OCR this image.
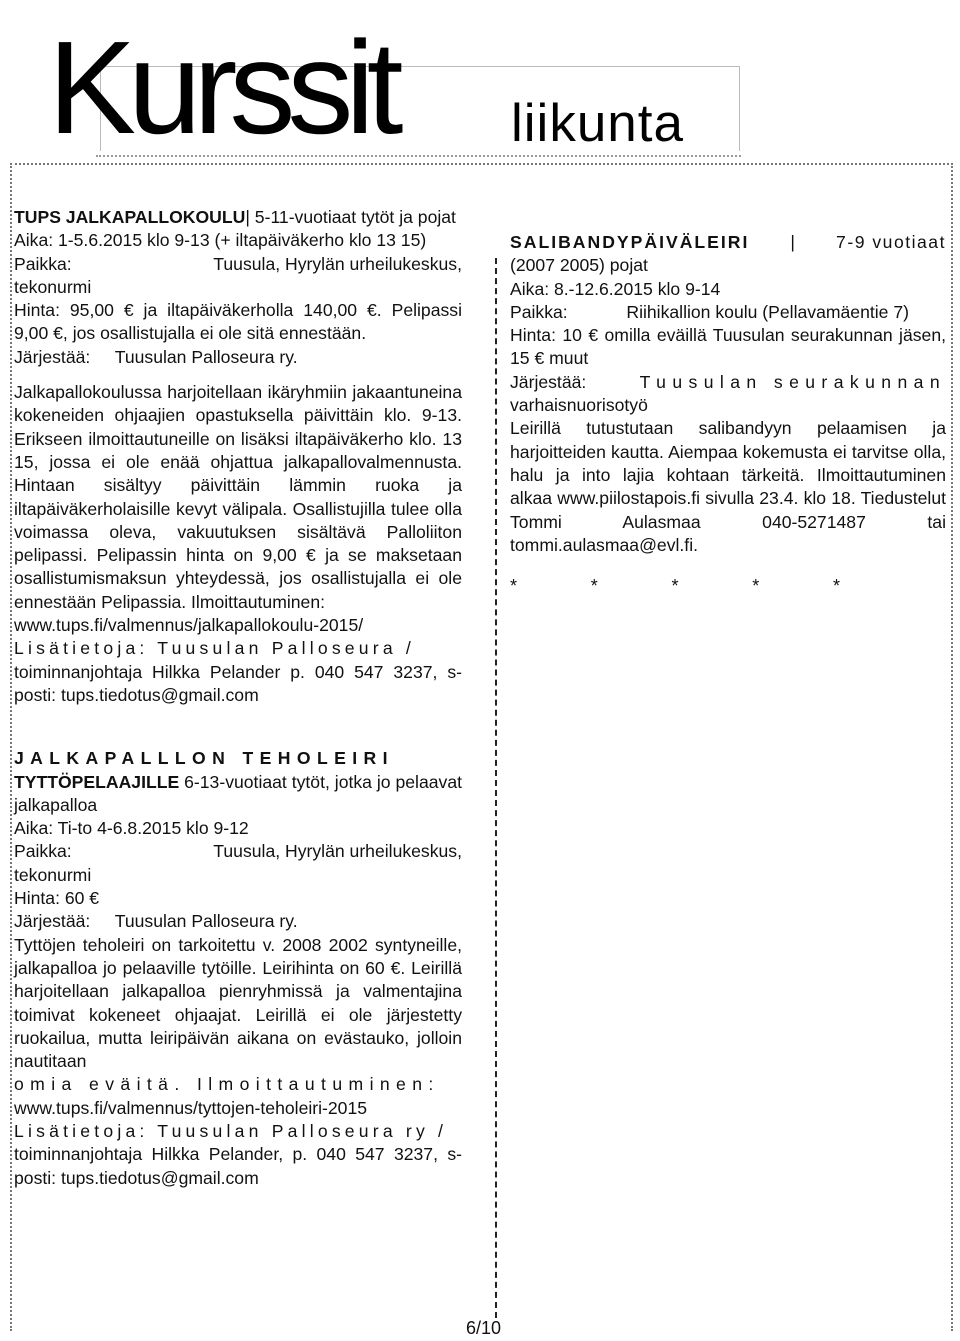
Kurssit liikunta

TUPS JALKAPALLOKOULU| 5-11-vuotiaat tytöt ja pojat

Aika: 1-5.6.2015 klo 9-13 (+ iltapäiväkerho klo 13 15)

Paikka:	Tuusula, Hyrylän urheilukeskus,

tekonurmi

Hinta: 95,00 € ja iltapäiväkerholla 140,00 €. Pelipassi 9,00 €, jos osallistujalla ei ole sitä ennestään.

Järjestää: Tuusulan Palloseura ry.

Jalkapallokoulussa harjoitellaan ikäryhmiin jakaantuneina kokeneiden ohjaajien opastuksella päivittäin klo. 9-13. Erikseen ilmoittautuneille on lisäksi iltapäiväkerho klo. 13 15, jossa ei ole enää ohjattua jalkapallovalmennusta. Hintaan sisältyy päivittäin lämmin ruoka ja iltapäiväkerholaisille kevyt välipala. Osallistujilla tulee olla voimassa oleva, vakuutuksen sisältävä Palloliiton pelipassi. Pelipassin hinta on 9,00 € ja se maksetaan osallistumismaksun yhteydessä, jos osallistujalla ei ole ennestään Pelipassia. Ilmoittautuminen:

www.tups.fi/valmennus/jalkapallokoulu-2015/

Lisätietoja: Tuusulan Palloseura /

toiminnanjohtaja Hilkka Pelander p. 040 547 3237, s-posti: tups.tiedotus@gmail.com

JALKAPALLLON TEHOLEIRI

TYTTÖPELAAJILLE 6-13-vuotiaat tytöt, jotka jo pelaavat jalkapalloa

Aika: Ti-to 4-6.8.2015 klo 9-12

Paikka:	Tuusula, Hyrylän urheilukeskus,

tekonurmi

Hinta: 60 €

Järjestää: Tuusulan Palloseura ry.

Tyttöjen teholeiri on tarkoitettu v. 2008 2002 syntyneille, jalkapalloa jo pelaaville tytöille. Leirihinta on 60 €. Leirillä harjoitellaan jalkapalloa pienryhmissä ja valmentajina toimivat kokeneet ohjaajat. Leirillä ei ole järjestetty ruokailua, mutta leiripäivän aikana on evästauko, jolloin nautitaan

omia eväitä. Ilmoittautuminen:

www.tups.fi/valmennus/tyttojen-teholeiri-2015

Lisätietoja: Tuusulan Palloseura ry /

toiminnanjohtaja Hilkka Pelander, p. 040 547 3237, s-posti: tups.tiedotus@gmail.com

SALIBANDYPÄIVÄLEIRI | 7-9 vuotiaat

(2007 2005) pojat

Aika: 8.-12.6.2015 klo 9-14

Paikka:	Riihikallion koulu (Pellavamäentie 7)

Hinta: 10 € omilla eväillä Tuusulan seurakunnan jäsen, 15 € muut

Järjestää:	Tuusulan seurakunnan

varhaisnuorisotyö

Leirillä tutustutaan salibandyyn pelaamisen ja harjoitteiden kautta. Aiempaa kokemusta ei tarvitse olla, halu ja into lajia kohtaan tärkeitä. Ilmoittautuminen alkaa www.piilostapois.fi sivulla 23.4. klo 18. Tiedustelut Tommi Aulasmaa 040-5271487 tai tommi.aulasmaa@evl.fi.

*	*	*	*	*
6/10
